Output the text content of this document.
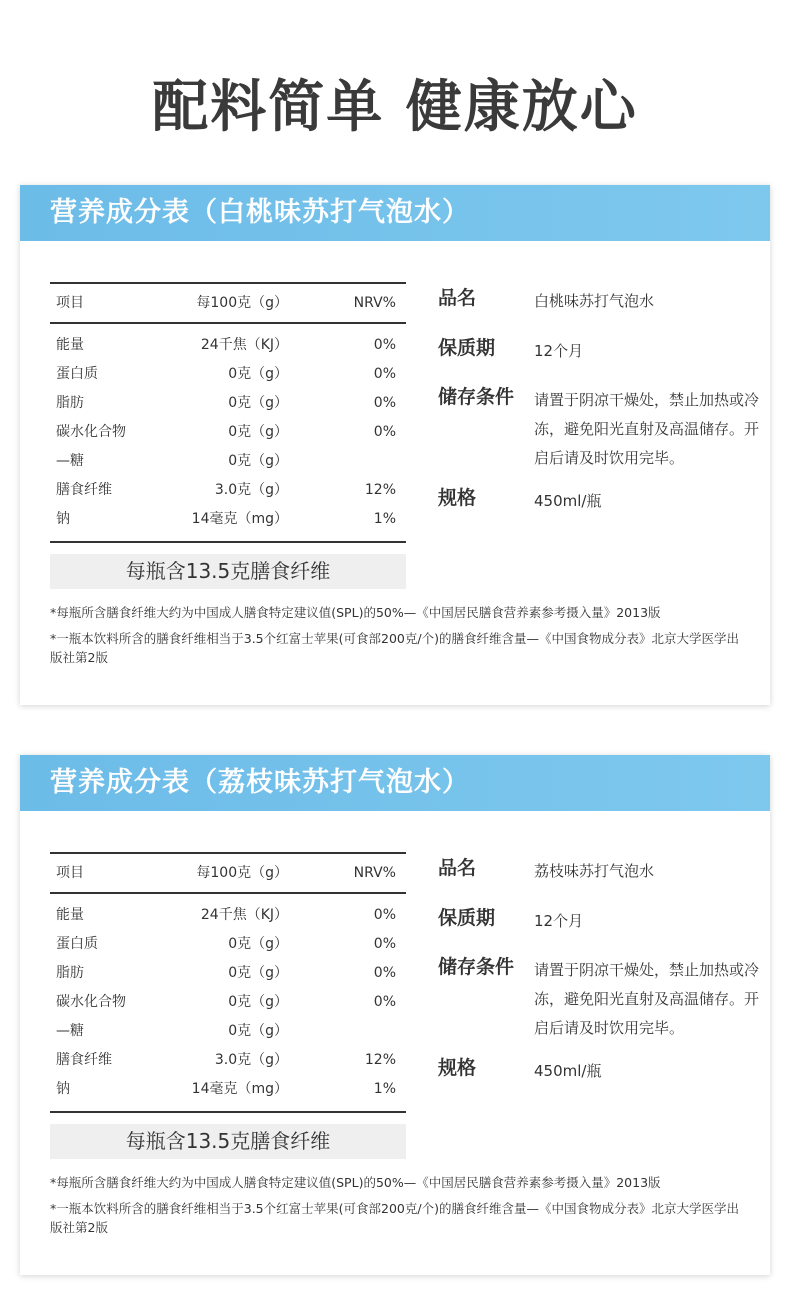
配料简单 健康放心
营养成分表（白桃味苏打气泡水）
项目	每100克（g）	NRV%
能量	24千焦（KJ）	0%
蛋白质	0克（g）	0%
脂肪	0克（g）	0%
碳水化合物	0克（g）	0%
—糖	0克（g）
膳食纤维	3.0克（g）	12%
钠	14毫克（mg）	1%
每瓶含13.5克膳食纤维
*每瓶所含膳食纤维大约为中国成人膳食特定建议值(SPL)的50%—《中国居民膳食营养素参考摄入量》2013版
*一瓶本饮料所含的膳食纤维相当于3.5个红富士苹果(可食部200克/个)的膳食纤维含量—《中国食物成分表》北京大学医学出版社第2版
品名	白桃味苏打气泡水
保质期	12个月
储存条件 请置于阴凉干燥处，禁止加热或冷冻，避免阳光直射及高温储存。开启后请及时饮用完毕。
规格	450ml/瓶
营养成分表（荔枝味苏打气泡水）
项目	每100克（g）	NRV%
能量	24千焦（KJ）	0%
蛋白质	0克（g）	0%
脂肪	0克（g）	0%
碳水化合物	0克（g）	0%
—糖	0克（g）
膳食纤维	3.0克（g）	12%
钠	14毫克（mg）	1%
每瓶含13.5克膳食纤维
*每瓶所含膳食纤维大约为中国成人膳食特定建议值(SPL)的50%—《中国居民膳食营养素参考摄入量》2013版
*一瓶本饮料所含的膳食纤维相当于3.5个红富士苹果(可食部200克/个)的膳食纤维含量—《中国食物成分表》北京大学医学出版社第2版
品名	荔枝味苏打气泡水
保质期	12个月
储存条件 请置于阴凉干燥处，禁止加热或冷冻，避免阳光直射及高温储存。开启后请及时饮用完毕。
规格	450ml/瓶
